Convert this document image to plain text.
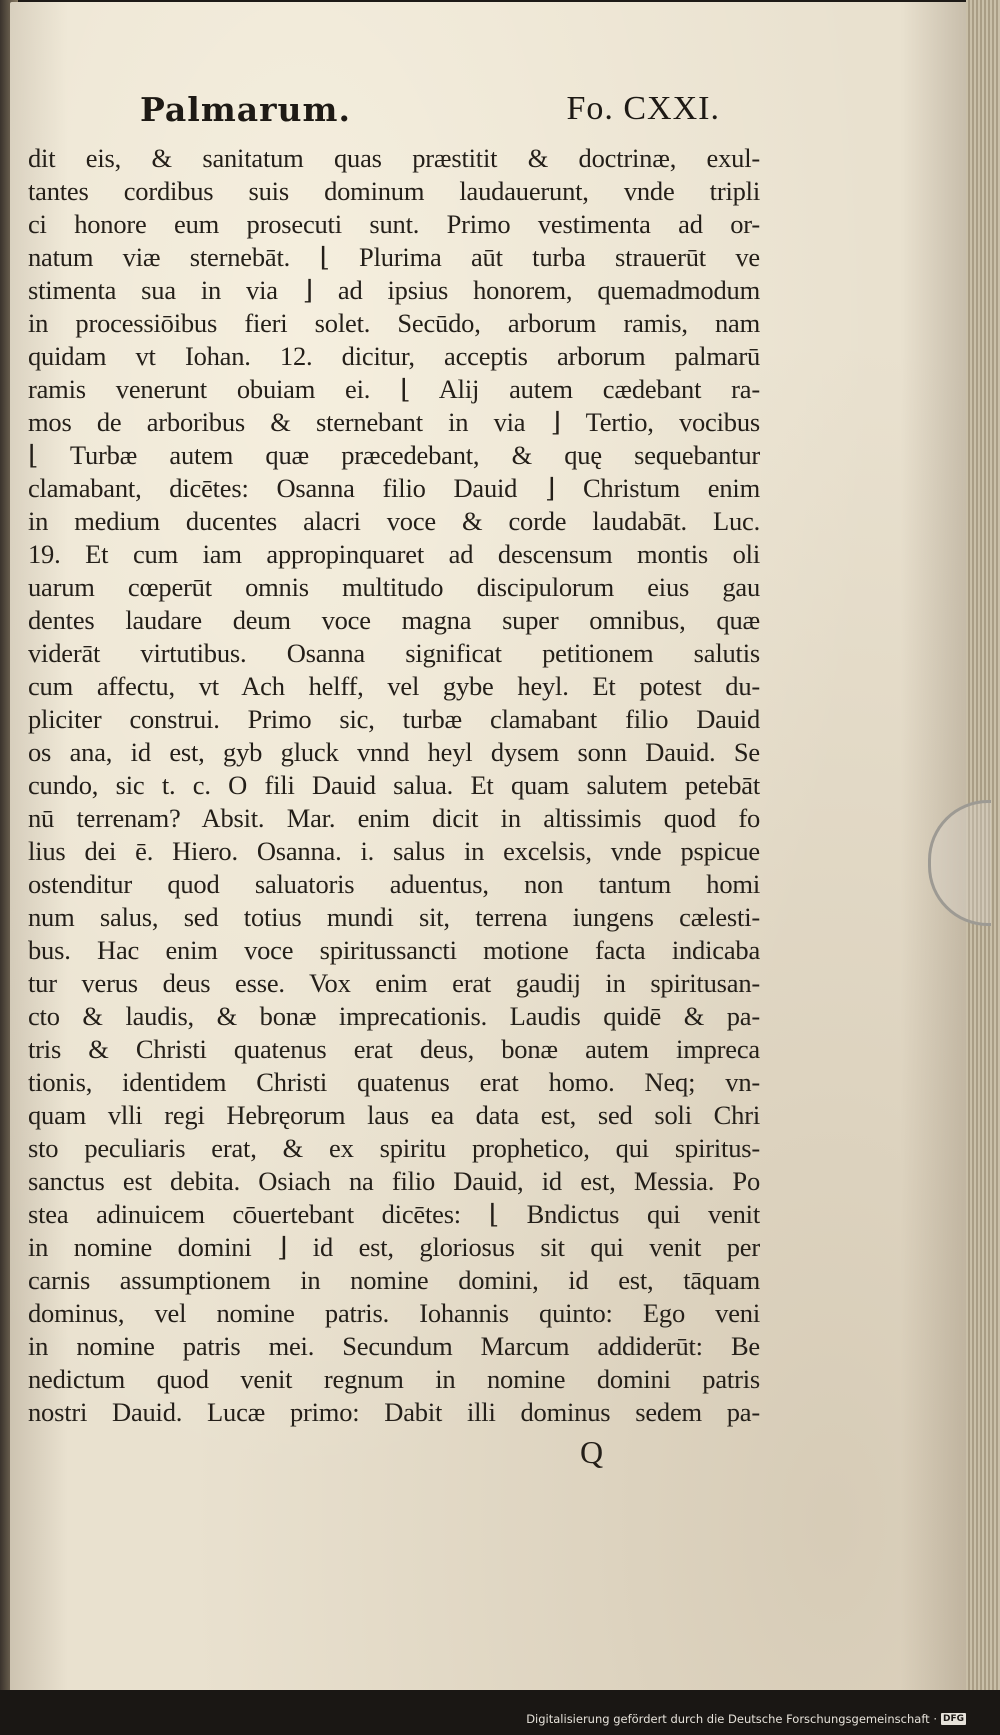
Palmarum.	Fo. CXXI.
dit eis, & sanitatum quas præstitit & doctrinæ, exul-
tantes cordibus suis dominum laudauerunt, vnde tripli
ci honore eum prosecuti sunt. Primo vestimenta ad or-
natum viæ sternebāt. ⌊ Plurima aūt turba strauerūt ve
stimenta sua in via ⌋ ad ipsius honorem, quemadmodum
in processiōibus fieri solet. Secūdo, arborum ramis, nam
quidam vt Iohan. 12. dicitur, acceptis arborum palmarū
ramis venerunt obuiam ei. ⌊ Alij autem cædebant ra-
mos de arboribus & sternebant in via ⌋ Tertio, vocibus
⌊ Turbæ autem quæ præcedebant, & quę sequebantur
clamabant, dicētes: Osanna filio Dauid ⌋ Christum enim
in medium ducentes alacri voce & corde laudabāt. Luc.
19. Et cum iam appropinquaret ad descensum montis oli
uarum cœperūt omnis multitudo discipulorum eius gau
dentes laudare deum voce magna super omnibus, quæ
viderāt virtutibus. Osanna significat petitionem salutis
cum affectu, vt Ach helff, vel gybe heyl. Et potest du-
pliciter construi. Primo sic, turbæ clamabant filio Dauid
os ana, id est, gyb gluck vnnd heyl dysem sonn Dauid. Se
cundo, sic t. c. O fili Dauid salua. Et quam salutem petebāt
nū terrenam? Absit. Mar. enim dicit in altissimis quod fo
lius dei ē. Hiero. Osanna. i. salus in excelsis, vnde pspicue
ostenditur quod saluatoris aduentus, non tantum homi
num salus, sed totius mundi sit, terrena iungens cælesti-
bus. Hac enim voce spiritussancti motione facta indicaba
tur verus deus esse. Vox enim erat gaudij in spiritusan-
cto & laudis, & bonæ imprecationis. Laudis quidē & pa-
tris & Christi quatenus erat deus, bonæ autem impreca
tionis, identidem Christi quatenus erat homo. Neq; vn-
quam vlli regi Hebręorum laus ea data est, sed soli Chri
sto peculiaris erat, & ex spiritu prophetico, qui spiritus-
sanctus est debita. Osiach na filio Dauid, id est, Messia. Po
stea adinuicem cōuertebant dicētes: ⌊ Bndictus qui venit
in nomine domini ⌋ id est, gloriosus sit qui venit per
carnis assumptionem in nomine domini, id est, tāquam
dominus, vel nomine patris. Iohannis quinto: Ego veni
in nomine patris mei. Secundum Marcum addiderūt: Be
nedictum quod venit regnum in nomine domini patris
nostri Dauid. Lucæ primo: Dabit illi dominus sedem pa-
Q
Digitalisierung gefördert durch die Deutsche Forschungsgemeinschaft · DFG
